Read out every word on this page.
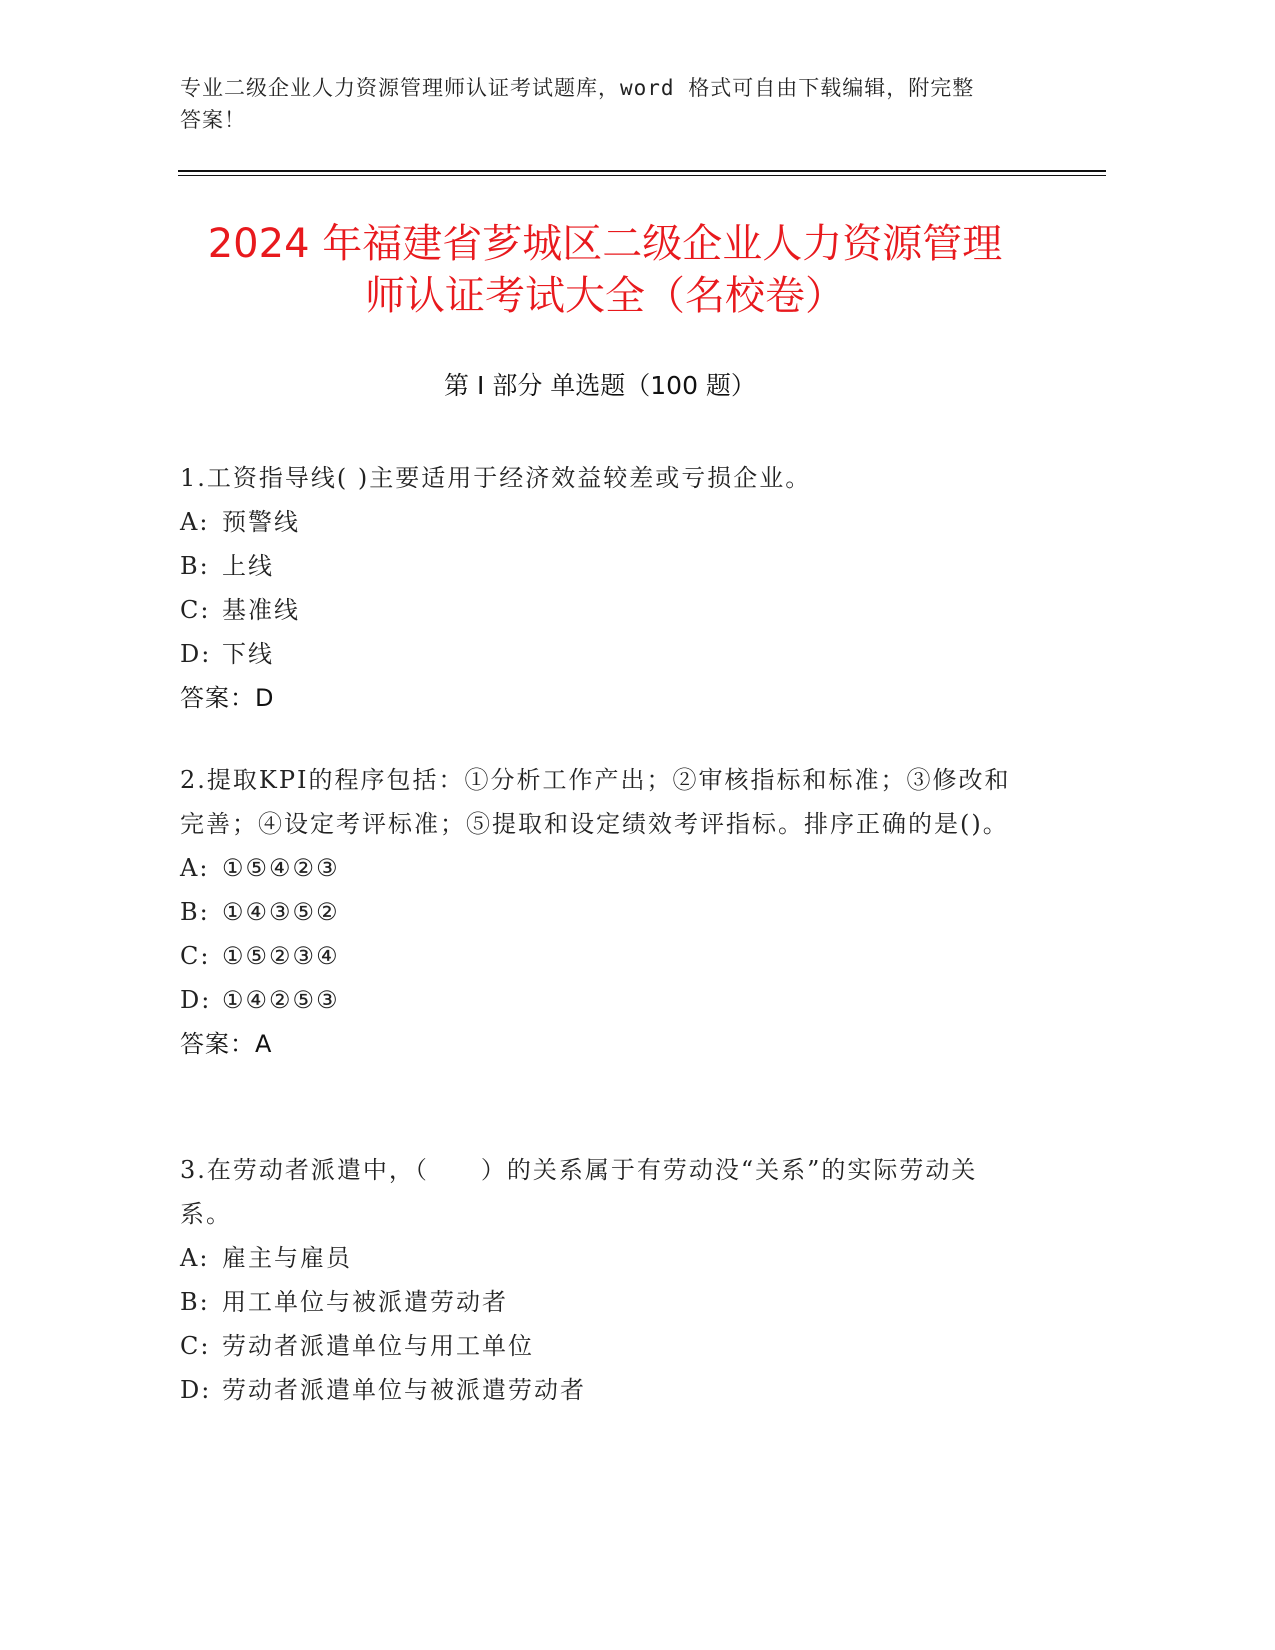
专业二级企业人力资源管理师认证考试题库，word 格式可自由下载编辑，附完整
答案！
2024 年福建省芗城区二级企业人力资源管理
师认证考试大全（名校卷）
第 I 部分 单选题（100 题）

1.工资指导线( )主要适用于经济效益较差或亏损企业。

A: 预警线

B: 上线

C: 基准线

D: 下线

答案：D

2.提取KPI的程序包括：①分析工作产出；②审核指标和标准；③修改和完善；④设定考评标准；⑤提取和设定绩效考评指标。排序正确的是()。

A: ①⑤④②③

B: ①④③⑤②

C: ①⑤②③④

D: ①④②⑤③

答案：A

3.在劳动者派遣中，（　　）的关系属于有劳动没“关系”的实际劳动关系。

A: 雇主与雇员

B: 用工单位与被派遣劳动者

C: 劳动者派遣单位与用工单位

D: 劳动者派遣单位与被派遣劳动者
